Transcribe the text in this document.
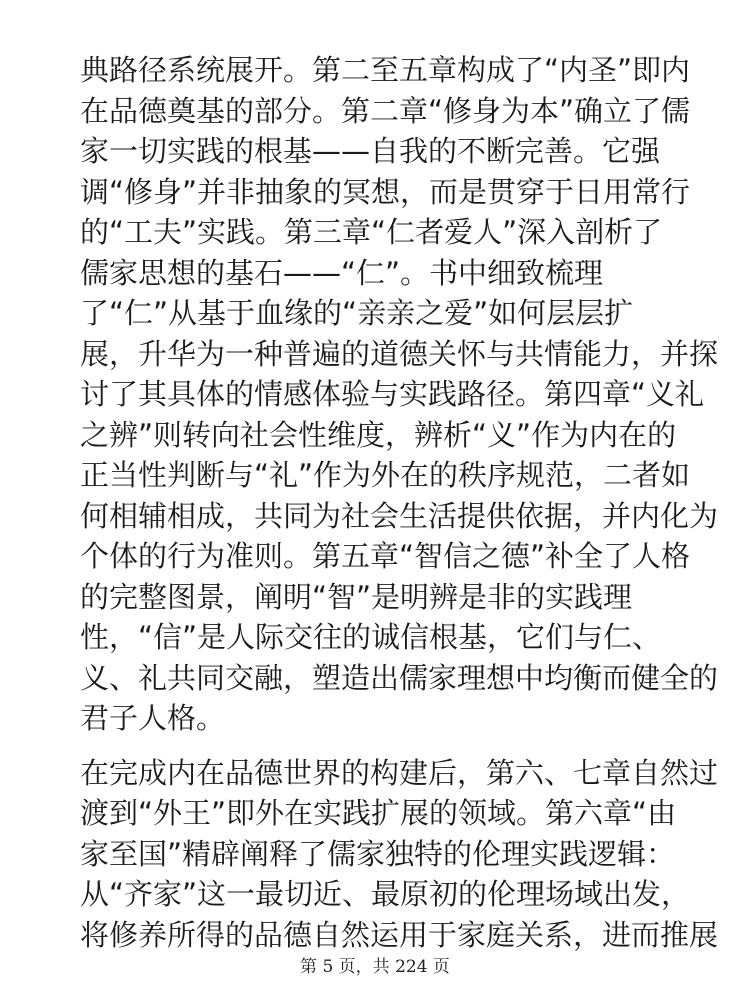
典路径系统展开。第二至五章构成了“内圣”即内
在品德奠基的部分。第二章“修身为本”确立了儒
家一切实践的根基——自我的不断完善。它强
调“修身”并非抽象的冥想，而是贯穿于日用常行
的“工夫”实践。第三章“仁者爱人”深入剖析了
儒家思想的基石——“仁”。书中细致梳理
了“仁”从基于血缘的“亲亲之爱”如何层层扩
展，升华为一种普遍的道德关怀与共情能力，并探
讨了其具体的情感体验与实践路径。第四章“义礼
之辨”则转向社会性维度，辨析“义”作为内在的
正当性判断与“礼”作为外在的秩序规范，二者如
何相辅相成，共同为社会生活提供依据，并内化为
个体的行为准则。第五章“智信之德”补全了人格
的完整图景，阐明“智”是明辨是非的实践理
性，“信”是人际交往的诚信根基，它们与仁、
义、礼共同交融，塑造出儒家理想中均衡而健全的
君子人格。
在完成内在品德世界的构建后，第六、七章自然过
渡到“外王”即外在实践扩展的领域。第六章“由
家至国”精辟阐释了儒家独特的伦理实践逻辑：
从“齐家”这一最切近、最原初的伦理场域出发，
将修养所得的品德自然运用于家庭关系，进而推展
第 5 页，共 224 页
